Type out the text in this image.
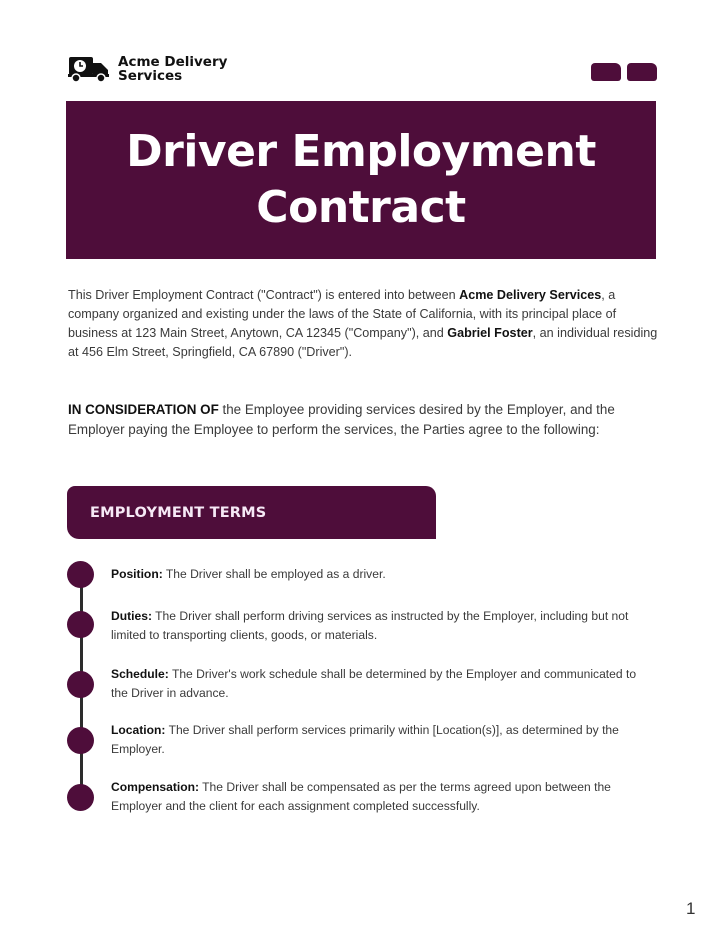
Acme Delivery
Services
Driver Employment
Contract

This Driver Employment Contract ("Contract") is entered into between Acme Delivery Services, a company organized and existing under the laws of the State of California, with its principal place of business at 123 Main Street, Anytown, CA 12345 ("Company"), and Gabriel Foster, an individual residing at 456 Elm Street, Springfield, CA 67890 ("Driver").

IN CONSIDERATION OF the Employee providing services desired by the Employer, and the Employer paying the Employee to perform the services, the Parties agree to the following:

EMPLOYMENT TERMS

Position: The Driver shall be employed as a driver.

Duties: The Driver shall perform driving services as instructed by the Employer, including but not limited to transporting clients, goods, or materials.

Schedule: The Driver's work schedule shall be determined by the Employer and communicated to the Driver in advance.

Location: The Driver shall perform services primarily within [Location(s)], as determined by the Employer.

Compensation: The Driver shall be compensated as per the terms agreed upon between the Employer and the client for each assignment completed successfully.

1
